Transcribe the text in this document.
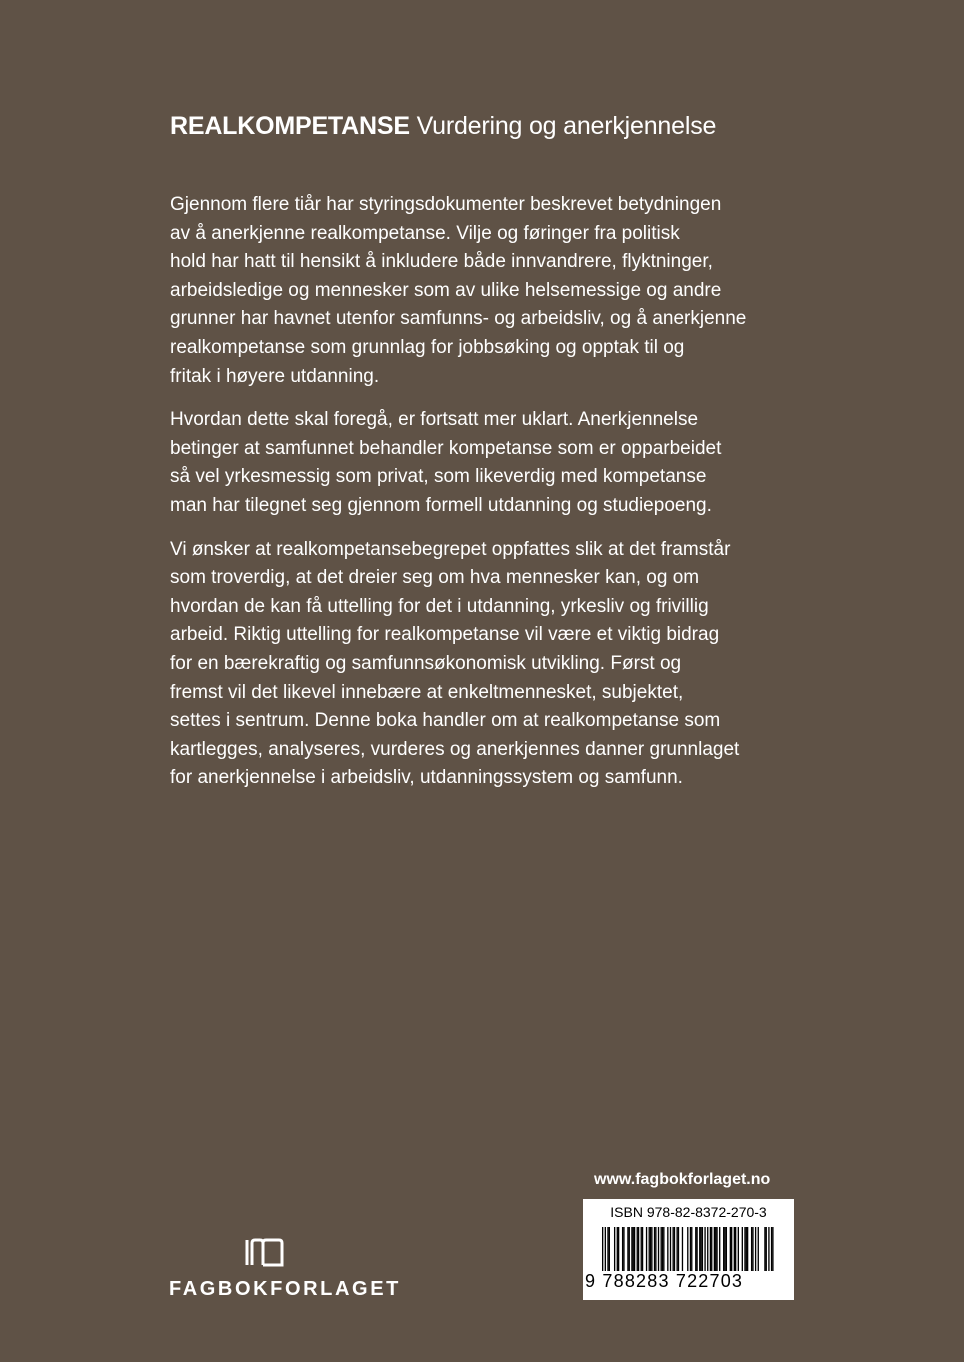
REALKOMPETANSE Vurdering og anerkjennelse
Gjennom flere tiår har styringsdokumenter beskrevet betydningen
av å anerkjenne realkompetanse. Vilje og føringer fra politisk
hold har hatt til hensikt å inkludere både innvandrere, flyktninger,
arbeidsledige og mennesker som av ulike helsemessige og andre
grunner har havnet utenfor samfunns- og arbeidsliv, og å anerkjenne
realkompetanse som grunnlag for jobbsøking og opptak til og
fritak i høyere utdanning.
Hvordan dette skal foregå, er fortsatt mer uklart. Anerkjennelse
betinger at samfunnet behandler kompetanse som er opparbeidet
så vel yrkesmessig som privat, som likeverdig med kompetanse
man har tilegnet seg gjennom formell utdanning og studiepoeng.
Vi ønsker at realkompetansebegrepet oppfattes slik at det framstår
som troverdig, at det dreier seg om hva mennesker kan, og om
hvordan de kan få uttelling for det i utdanning, yrkesliv og frivillig
arbeid. Riktig uttelling for realkompetanse vil være et viktig bidrag
for en bærekraftig og samfunnsøkonomisk utvikling. Først og
fremst vil det likevel innebære at enkeltmennesket, subjektet,
settes i sentrum. Denne boka handler om at realkompetanse som
kartlegges, analyseres, vurderes og anerkjennes danner grunnlaget
for anerkjennelse i arbeidsliv, utdanningssystem og samfunn.
www.fagbokforlaget.no
ISBN 978-82-8372-270-3
9 788283 722703
FAGBOKFORLAGET
